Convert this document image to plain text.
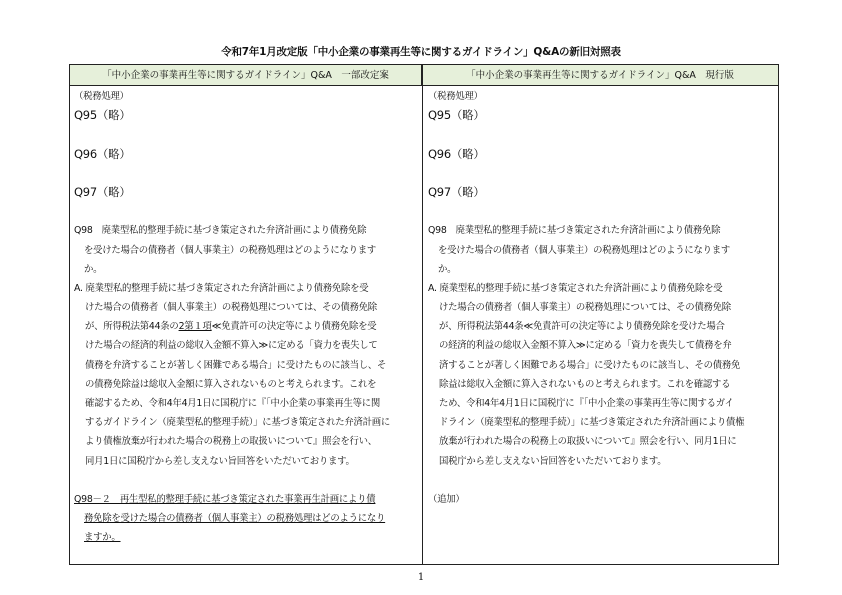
令和7年1月改定版「中小企業の事業再生等に関するガイドライン」Q&Aの新旧対照表
「中小企業の事業再生等に関するガイドライン」Q&A　一部改定案	「中小企業の事業再生等に関するガイドライン」Q&A　現行版
（税務処理）
Q95（略）
Q96（略）
Q97（略）
Q98　廃業型私的整理手続に基づき策定された弁済計画により債務免除
を受けた場合の債務者（個人事業主）の税務処理はどのようになります
か。
A. 廃業型私的整理手続に基づき策定された弁済計画により債務免除を受
けた場合の債務者（個人事業主）の税務処理については、その債務免除
が、所得税法第44条の2第１項≪免責許可の決定等により債務免除を受
けた場合の経済的利益の総収入金額不算入≫に定める「資力を喪失して
債務を弁済することが著しく困難である場合」に受けたものに該当し、そ
の債務免除益は総収入金額に算入されないものと考えられます。これを
確認するため、令和4年4月1日に国税庁に『「中小企業の事業再生等に関
するガイドライン（廃業型私的整理手続）」に基づき策定された弁済計画に
より債権放棄が行われた場合の税務上の取扱いについて』照会を行い、
同月1日に国税庁から差し支えない旨回答をいただいております。
Q98－２　再生型私的整理手続に基づき策定された事業再生計画により債
務免除を受けた場合の債務者（個人事業主）の税務処理はどのようになり
ますか。
（税務処理）
Q95（略）
Q96（略）
Q97（略）
Q98　廃業型私的整理手続に基づき策定された弁済計画により債務免除
を受けた場合の債務者（個人事業主）の税務処理はどのようになります
か。
A. 廃業型私的整理手続に基づき策定された弁済計画により債務免除を受
けた場合の債務者（個人事業主）の税務処理については、その債務免除
が、所得税法第44条≪免責許可の決定等により債務免除を受けた場合
の経済的利益の総収入金額不算入≫に定める「資力を喪失して債務を弁
済することが著しく困難である場合」に受けたものに該当し、その債務免
除益は総収入金額に算入されないものと考えられます。これを確認する
ため、令和4年4月1日に国税庁に『「中小企業の事業再生等に関するガイ
ドライン（廃業型私的整理手続）」に基づき策定された弁済計画により債権
放棄が行われた場合の税務上の取扱いについて』照会を行い、同月1日に
国税庁から差し支えない旨回答をいただいております。
（追加）
1
